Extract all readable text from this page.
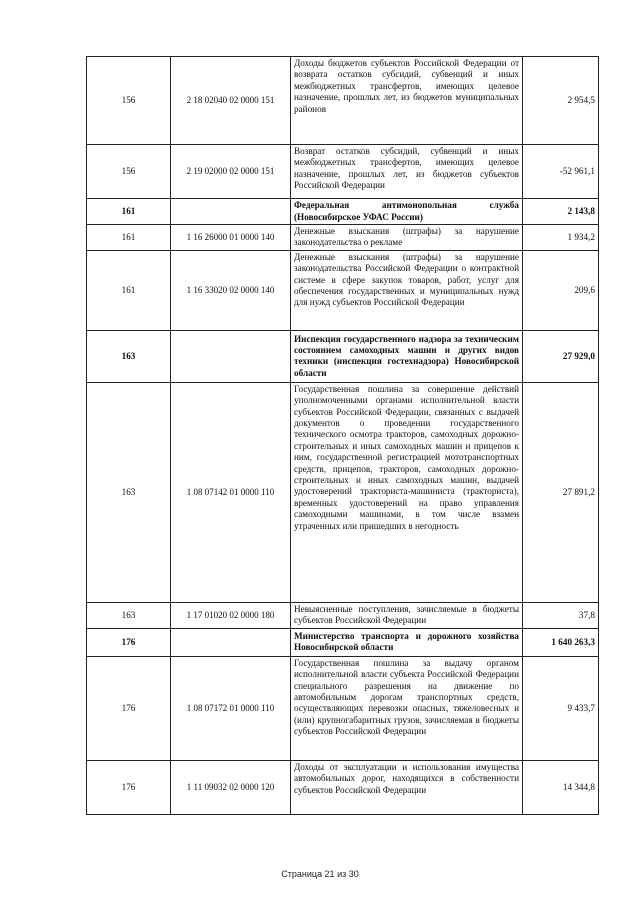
156	2 18 02040 02 0000 151	Доходы бюджетов субъектов Российской Федерации от возврата остатков субсидий, субвенций и иных межбюджетных трансфертов, имеющих целевое назначение, прошлых лет, из бюджетов муниципальных районов	2 954,5
156	2 19 02000 02 0000 151	Возврат остатков субсидий, субвенций и иных межбюджетных трансфертов, имеющих целевое назначение, прошлых лет, из бюджетов субъектов Российской Федерации	-52 961,1
161		Федеральная антимонопольная служба (Новосибирское УФАС России)	2 143,8
161	1 16 26000 01 0000 140	Денежные взыскания (штрафы) за нарушение законодательства о рекламе	1 934,2
161	1 16 33020 02 0000 140	Денежные взыскания (штрафы) за нарушение законодательства Российской Федерации о контрактной системе в сфере закупок товаров, работ, услуг для обеспечения государственных и муниципальных нужд для нужд субъектов Российской Федерации	209,6
163		Инспекция государственного надзора за техническим состоянием самоходных машин и других видов техники (инспекция гостехнадзора) Новосибирской области	27 929,0
163	1 08 07142 01 0000 110	Государственная пошлина за совершение действий уполномоченными органами исполнительной власти субъектов Российской Федерации, связанных с выдачей документов о проведении государственного технического осмотра тракторов, самоходных дорожно-строительных и иных самоходных машин и прицепов к ним, государственной регистрацией мототранспортных средств, прицепов, тракторов, самоходных дорожно-строительных и иных самоходных машин, выдачей удостоверений тракториста-машиниста (тракториста), временных удостоверений на право управления самоходными машинами, в том числе взамен утраченных или пришедших в негодность	27 891,2
163	1 17 01020 02 0000 180	Невыясненные поступления, зачисляемые в бюджеты субъектов Российской Федерации	37,8
176		Министерство транспорта и дорожного хозяйства Новосибирской области	1 640 263,3
176	1 08 07172 01 0000 110	Государственная пошлина за выдачу органом исполнительной власти субъекта Российской Федерации специального разрешения на движение по автомобильным дорогам транспортных средств, осуществляющих перевозки опасных, тяжеловесных и (или) крупногабаритных грузов, зачисляемая в бюджеты субъектов Российской Федерации	9 433,7
176	1 11 09032 02 0000 120	Доходы от эксплуатации и использования имущества автомобильных дорог, находящихся в собственности субъектов Российской Федерации	14 344,8
Страница 21 из 30
